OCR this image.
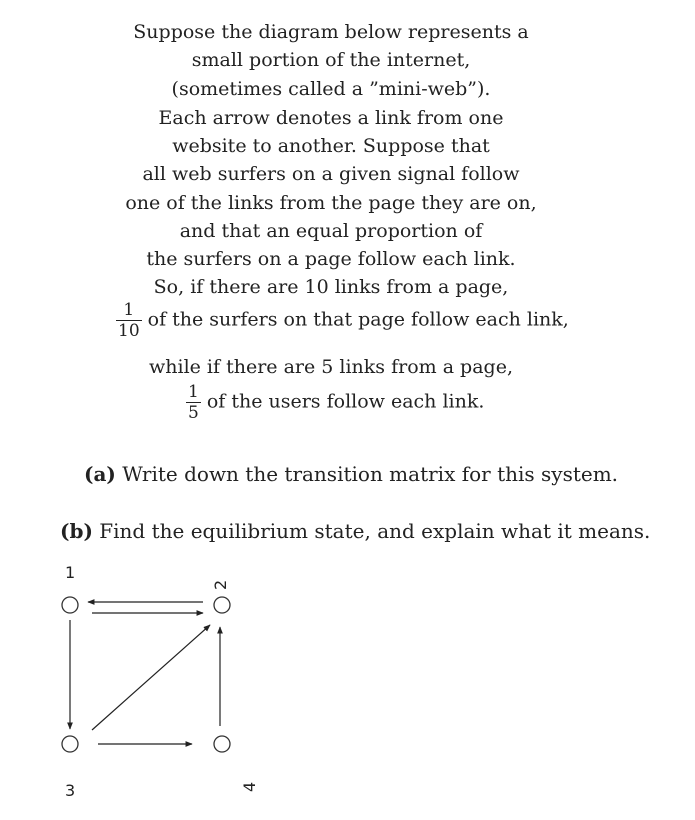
Suppose the diagram below represents a
small portion of the internet,
(sometimes called a ”mini-web”).
Each arrow denotes a link from one
website to another. Suppose that
all web surfers on a given signal follow
one of the links from the page they are on,
and that an equal proportion of
the surfers on a page follow each link.
So, if there are 10 links from a page,
$\frac{1}{10}$ of the surfers on that page follow each link,
while if there are 5 links from a page,
$\frac{1}{5}$ of the users follow each link.
(a) Write down the transition matrix for this system.
(b) Find the equilibrium state, and explain what it means.
1
2
3	4
